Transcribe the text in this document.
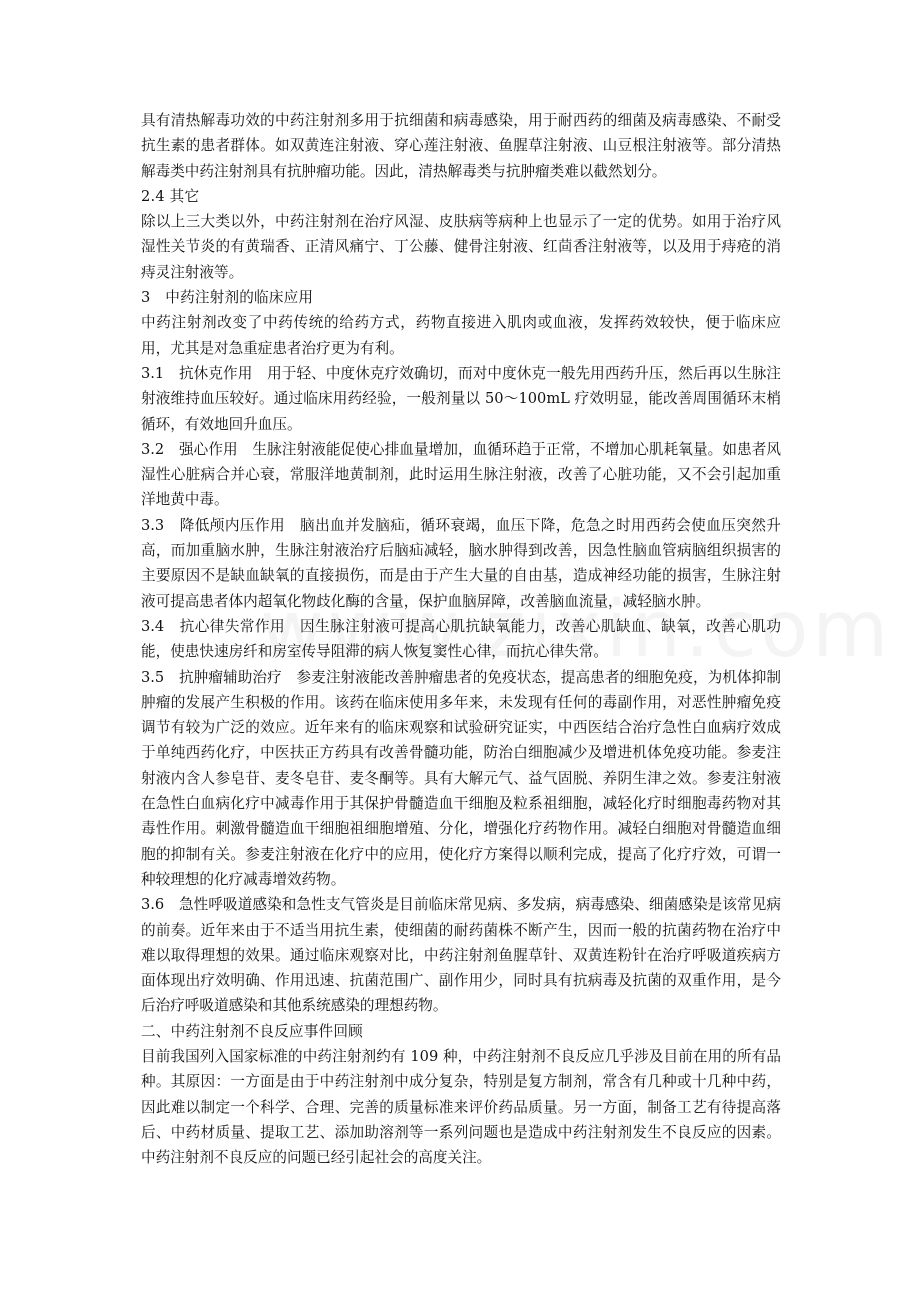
具有清热解毒功效的中药注射剂多用于抗细菌和病毒感染，用于耐西药的细菌及病毒感染、不耐受抗生素的患者群体。如双黄连注射液、穿心莲注射液、鱼腥草注射液、山豆根注射液等。部分清热解毒类中药注射剂具有抗肿瘤功能。因此，清热解毒类与抗肿瘤类难以截然划分。

2.4 其它

除以上三大类以外，中药注射剂在治疗风湿、皮肤病等病种上也显示了一定的优势。如用于治疗风湿性关节炎的有黄瑞香、正清风痛宁、丁公藤、健骨注射液、红茴香注射液等，以及用于痔疮的消痔灵注射液等。

3　中药注射剂的临床应用

中药注射剂改变了中药传统的给药方式，药物直接进入肌肉或血液，发挥药效较快，便于临床应用，尤其是对急重症患者治疗更为有利。

3.1　抗休克作用　用于轻、中度休克疗效确切，而对中度休克一般先用西药升压，然后再以生脉注射液维持血压较好。通过临床用药经验，一般剂量以 50～100mL 疗效明显，能改善周围循环末梢循环，有效地回升血压。

3.2　强心作用　生脉注射液能促使心排血量增加，血循环趋于正常，不增加心肌耗氧量。如患者风湿性心脏病合并心衰，常服洋地黄制剂，此时运用生脉注射液，改善了心脏功能，又不会引起加重洋地黄中毒。

3.3　降低颅内压作用　脑出血并发脑疝，循环衰竭，血压下降，危急之时用西药会使血压突然升高，而加重脑水肿，生脉注射液治疗后脑疝减轻，脑水肿得到改善，因急性脑血管病脑组织损害的主要原因不是缺血缺氧的直接损伤，而是由于产生大量的自由基，造成神经功能的损害，生脉注射液可提高患者体内超氧化物歧化酶的含量，保护血脑屏障，改善脑血流量，减轻脑水肿。

3.4　抗心律失常作用　因生脉注射液可提高心肌抗缺氧能力，改善心肌缺血、缺氧，改善心肌功能，使患快速房纤和房室传导阻滞的病人恢复窦性心律，而抗心律失常。

3.5　抗肿瘤辅助治疗　参麦注射液能改善肿瘤患者的免疫状态，提高患者的细胞免疫，为机体抑制肿瘤的发展产生积极的作用。该药在临床使用多年来，未发现有任何的毒副作用，对恶性肿瘤免疫调节有较为广泛的效应。近年来有的临床观察和试验研究证实，中西医结合治疗急性白血病疗效成于单纯西药化疗，中医扶正方药具有改善骨髓功能，防治白细胞减少及增进机体免疫功能。参麦注射液内含人参皂苷、麦冬皂苷、麦冬酮等。具有大解元气、益气固脱、养阴生津之效。参麦注射液在急性白血病化疗中减毒作用于其保护骨髓造血干细胞及粒系祖细胞，减轻化疗时细胞毒药物对其毒性作用。刺激骨髓造血干细胞祖细胞增殖、分化，增强化疗药物作用。减轻白细胞对骨髓造血细胞的抑制有关。参麦注射液在化疗中的应用，使化疗方案得以顺利完成，提高了化疗疗效，可谓一种较理想的化疗减毒增效药物。

3.6　急性呼吸道感染和急性支气管炎是目前临床常见病、多发病，病毒感染、细菌感染是该常见病的前奏。近年来由于不适当用抗生素，使细菌的耐药菌株不断产生，因而一般的抗菌药物在治疗中难以取得理想的效果。通过临床观察对比，中药注射剂鱼腥草针、双黄连粉针在治疗呼吸道疾病方面体现出疗效明确、作用迅速、抗菌范围广、副作用少，同时具有抗病毒及抗菌的双重作用，是今后治疗呼吸道感染和其他系统感染的理想药物。

二、中药注射剂不良反应事件回顾

目前我国列入国家标准的中药注射剂约有 109 种，中药注射剂不良反应几乎涉及目前在用的所有品种。其原因：一方面是由于中药注射剂中成分复杂，特别是复方制剂，常含有几种或十几种中药，因此难以制定一个科学、合理、完善的质量标准来评价药品质量。另一方面，制备工艺有待提高落后、中药材质量、提取工艺、添加助溶剂等一系列问题也是造成中药注射剂发生不良反应的因素。中药注射剂不良反应的问题已经引起社会的高度关注。
